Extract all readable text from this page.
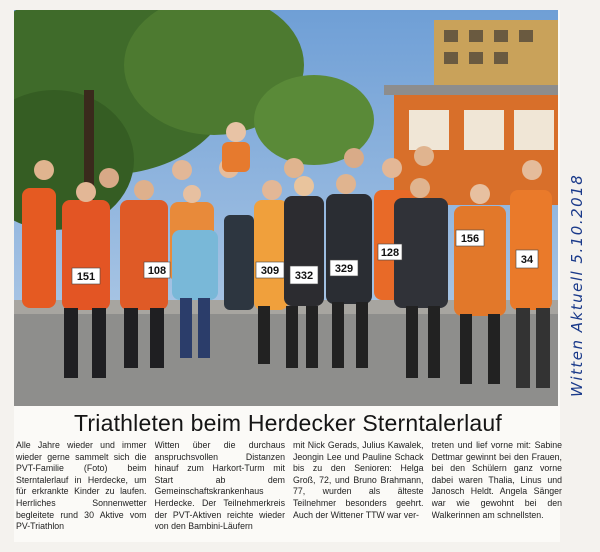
151	108	309 332
329
128
156
34
Triathleten beim Herdecker Sterntalerlauf
Alle Jahre wieder und immer wieder gerne sammelt sich die PVT-Familie (Foto) beim Sterntalerlauf in Herdecke, um für erkrankte Kinder zu laufen. Herrliches Sonnenwetter begleitete rund 30 Aktive vom PV-Triathlon
Witten über die durchaus anspruchsvollen Distanzen hinauf zum Harkort-Turm mit Start ab dem Gemeinschaftskrankenhaus Herdecke. Der Teilnehmerkreis der PVT-Aktiven reichte wieder von den Bambini-Läufern
mit Nick Gerads, Julius Kawalek, Jeongin Lee und Pauline Schack bis zu den Senioren: Helga Groß, 72, und Bruno Brahmann, 77, wurden als älteste Teilnehmer besonders geehrt. Auch der Wittener TTW war ver-
treten und lief vorne mit: Sabine Dettmar gewinnt bei den Frauen, bei den Schülern ganz vorne dabei waren Thalia, Linus und Janosch Heldt. Angela Sänger war wie gewohnt bei den Walkerinnen am schnellsten.
Witten Aktuell 5.10.2018
